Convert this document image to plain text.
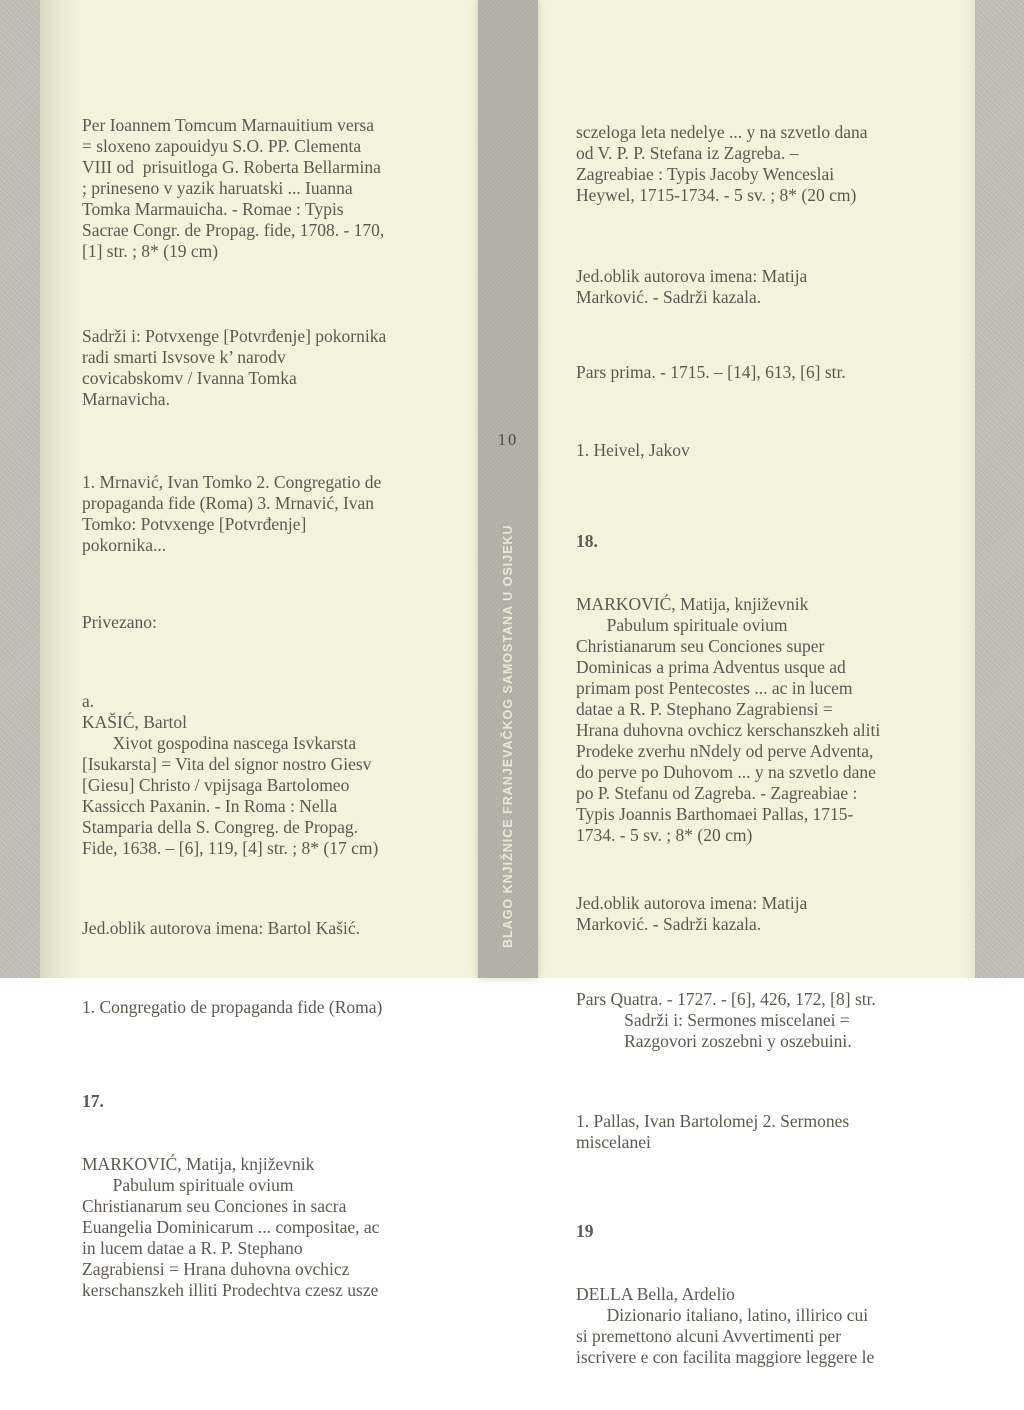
10
BLAGO KNJIŽNICE FRANJEVAČKOG SAMOSTANA U OSIJEKU

Per Ioannem Tomcum Marnauitium versa
= sloxeno zapouidyu S.O. PP. Clementa
VIII od  prisuitloga G. Roberta Bellarmina
; prineseno v yazik haruatski ... Iuanna
Tomka Marmauicha. - Romae : Typis
Sacrae Congr. de Propag. fide, 1708. - 170,
[1] str. ; 8* (19 cm)

Sadrži i: Potvxenge [Potvrđenje] pokornika
radi smarti Isvsove k’ narodv
covicabskomv / Ivanna Tomka
Marnavicha.

1. Mrnavić, Ivan Tomko 2. Congregatio de
propaganda fide (Roma) 3. Mrnavić, Ivan
Tomko: Potvxenge [Potvrđenje]
pokornika...

Privezano:

a.
KAŠIĆ, Bartol
Xivot gospodina nascega Isvkarsta
[Isukarsta] = Vita del signor nostro Giesv
[Giesu] Christo / vpijsaga Bartolomeo
Kassicch Paxanin. - In Roma : Nella
Stamparia della S. Congreg. de Propag.
Fide, 1638. – [6], 119, [4] str. ; 8* (17 cm)

Jed.oblik autorova imena: Bartol Kašić.

1. Congregatio de propaganda fide (Roma)

17.

MARKOVIĆ, Matija, književnik
Pabulum spirituale ovium
Christianarum seu Conciones in sacra
Euangelia Dominicarum ... compositae, ac
in lucem datae a R. P. Stephano
Zagrabiensi = Hrana duhovna ovchicz
kerschanszkeh illiti Prodechtva czesz usze

sczeloga leta nedelye ... y na szvetlo dana
od V. P. P. Stefana iz Zagreba. –
Zagreabiae : Typis Jacoby Wenceslai
Heywel, 1715-1734. - 5 sv. ; 8* (20 cm)

Jed.oblik autorova imena: Matija
Marković. - Sadrži kazala.

Pars prima. - 1715. – [14], 613, [6] str.

1. Heivel, Jakov

18.

MARKOVIĆ, Matija, književnik
Pabulum spirituale ovium
Christianarum seu Conciones super
Dominicas a prima Adventus usque ad
primam post Pentecostes ... ac in lucem
datae a R. P. Stephano Zagrabiensi =
Hrana duhovna ovchicz kerschanszkeh aliti
Prodeke zverhu nNdely od perve Adventa,
do perve po Duhovom ... y na szvetlo dane
po P. Stefanu od Zagreba. - Zagreabiae :
Typis Joannis Barthomaei Pallas, 1715-
1734. - 5 sv. ; 8* (20 cm)

Jed.oblik autorova imena: Matija
Marković. - Sadrži kazala.

Pars Quatra. - 1727. - [6], 426, 172, [8] str.
Sadrži i: Sermones miscelanei =
Razgovori zoszebni y oszebuini.

1. Pallas, Ivan Bartolomej 2. Sermones
miscelanei

19

DELLA Bella, Ardelio
Dizionario italiano, latino, illirico cui
si premettono alcuni Avvertimenti per
iscrivere e con facilita maggiore leggere le
